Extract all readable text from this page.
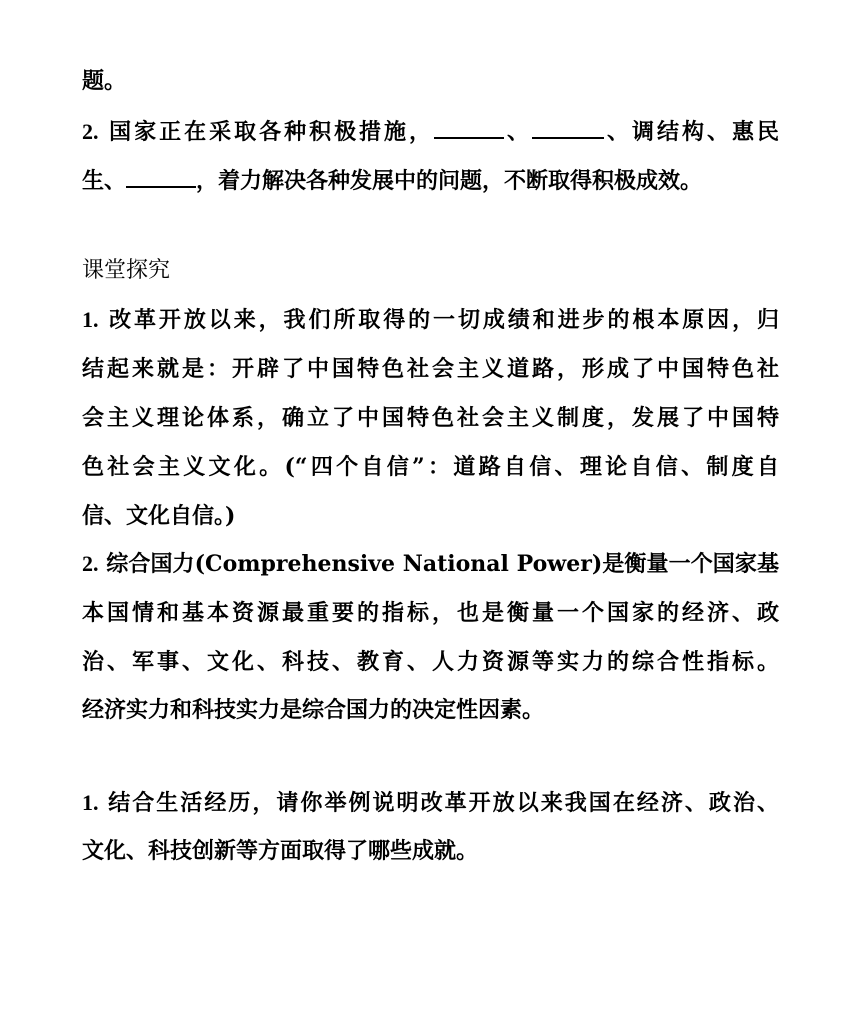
题。
2. 国家正在采取各种积极措施，	、	、调结构、惠民
生、	，着力解决各种发展中的问题，不断取得积极成效。
课堂探究
1. 改革开放以来，我们所取得的一切成绩和进步的根本原因，归
结起来就是：开辟了中国特色社会主义道路，形成了中国特色社
会主义理论体系，确立了中国特色社会主义制度，发展了中国特
色社会主义文化。(“四个自信”：道路自信、理论自信、制度自
信、文化自信。)
2. 综合国力(Comprehensive National Power)是衡量一个国家基
本国情和基本资源最重要的指标，也是衡量一个国家的经济、政
治、军事、文化、科技、教育、人力资源等实力的综合性指标。
经济实力和科技实力是综合国力的决定性因素。
1. 结合生活经历，请你举例说明改革开放以来我国在经济、政治、
文化、科技创新等方面取得了哪些成就。
